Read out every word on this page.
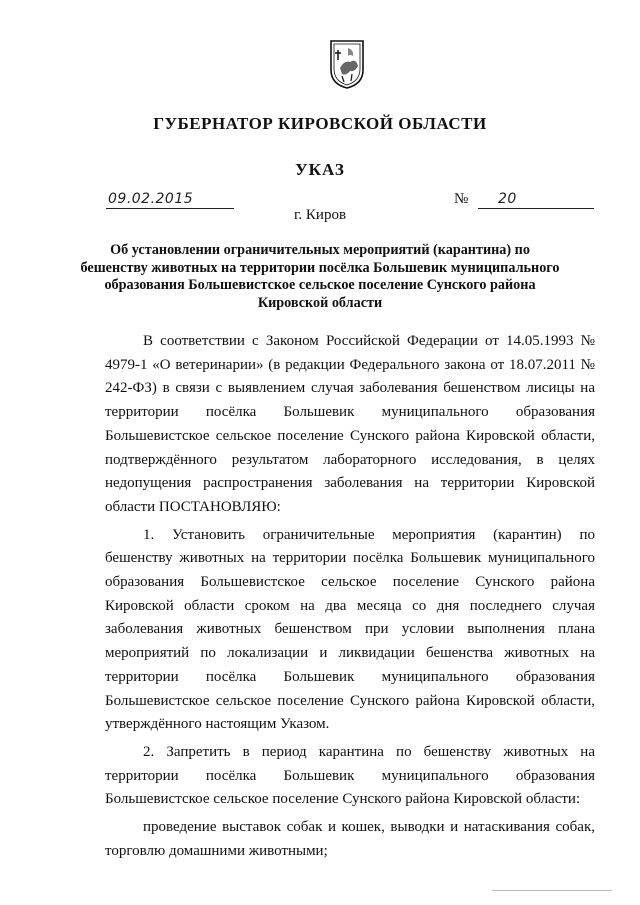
ГУБЕРНАТОР КИРОВСКОЙ ОБЛАСТИ
УКАЗ
09.02.2015	№ 20
г. Киров
Об установлении ограничительных мероприятий (карантина) по бешенству животных на территории посёлка Большевик муниципального образования Большевистское сельское поселение Сунского района Кировской области

В соответствии с Законом Российской Федерации от 14.05.1993 № 4979-1 «О ветеринарии» (в редакции Федерального закона от 18.07.2011 № 242-ФЗ) в связи с выявлением случая заболевания бешенством лисицы на территории посёлка Большевик муниципального образования Большевистское сельское поселение Сунского района Кировской области, подтверждённого результатом лабораторного исследования, в целях недопущения распространения заболевания на территории Кировской области ПОСТАНОВЛЯЮ:

1. Установить ограничительные мероприятия (карантин) по бешенству животных на территории посёлка Большевик муниципального образования Большевистское сельское поселение Сунского района Кировской области сроком на два месяца со дня последнего случая заболевания животных бешенством при условии выполнения плана мероприятий по локализации и ликвидации бешенства животных на территории посёлка Большевик муниципального образования Большевистское сельское поселение Сунского района Кировской области, утверждённого настоящим Указом.

2. Запретить в период карантина по бешенству животных на территории посёлка Большевик муниципального образования Большевистское сельское поселение Сунского района Кировской области:

проведение выставок собак и кошек, выводки и натаскивания собак, торговлю домашними животными;
